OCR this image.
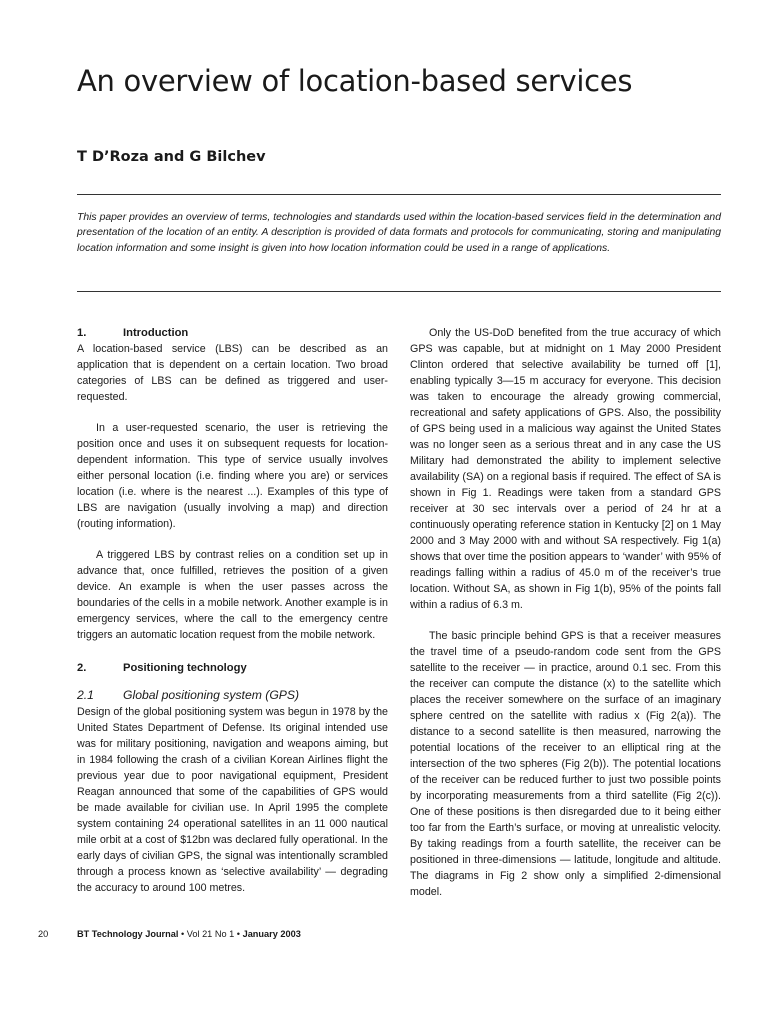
An overview of location-based services

T D’Roza and G Bilchev

This paper provides an overview of terms, technologies and standards used within the location-based services field in the determination and presentation of the location of an entity. A description is provided of data formats and protocols for communicating, storing and manipulating location information and some insight is given into how location information could be used in a range of applications.

1.	Introduction

A location-based service (LBS) can be described as an application that is dependent on a certain location. Two broad categories of LBS can be defined as triggered and user-requested.

In a user-requested scenario, the user is retrieving the position once and uses it on subsequent requests for location-dependent information. This type of service usually involves either personal location (i.e. finding where you are) or services location (i.e. where is the nearest ...). Examples of this type of LBS are navigation (usually involving a map) and direction (routing information).

A triggered LBS by contrast relies on a condition set up in advance that, once fulfilled, retrieves the position of a given device. An example is when the user passes across the boundaries of the cells in a mobile network. Another example is in emergency services, where the call to the emergency centre triggers an automatic location request from the mobile network.

2.	Positioning technology
2.1	Global positioning system (GPS)

Design of the global positioning system was begun in 1978 by the United States Department of Defense. Its original intended use was for military positioning, navigation and weapons aiming, but in 1984 following the crash of a civilian Korean Airlines flight the previous year due to poor navigational equipment, President Reagan announced that some of the capabilities of GPS would be made available for civilian use. In April 1995 the complete system containing 24 operational satellites in an 11 000 nautical mile orbit at a cost of $12bn was declared fully operational. In the early days of civilian GPS, the signal was intentionally scrambled through a process known as ‘selective availability’ — degrading the accuracy to around 100 metres.

Only the US-DoD benefited from the true accuracy of which GPS was capable, but at midnight on 1 May 2000 President Clinton ordered that selective availability be turned off [1], enabling typically 3—15 m accuracy for everyone. This decision was taken to encourage the already growing commercial, recreational and safety applications of GPS. Also, the possibility of GPS being used in a malicious way against the United States was no longer seen as a serious threat and in any case the US Military had demonstrated the ability to implement selective availability (SA) on a regional basis if required. The effect of SA is shown in Fig 1. Readings were taken from a standard GPS receiver at 30 sec intervals over a period of 24 hr at a continuously operating reference station in Kentucky [2] on 1 May 2000 and 3 May 2000 with and without SA respectively. Fig 1(a) shows that over time the position appears to ‘wander’ with 95% of readings falling within a radius of 45.0 m of the receiver’s true location. Without SA, as shown in Fig 1(b), 95% of the points fall within a radius of 6.3 m.

The basic principle behind GPS is that a receiver measures the travel time of a pseudo-random code sent from the GPS satellite to the receiver — in practice, around 0.1 sec. From this the receiver can compute the distance (x) to the satellite which places the receiver somewhere on the surface of an imaginary sphere centred on the satellite with radius x (Fig 2(a)). The distance to a second satellite is then measured, narrowing the potential locations of the receiver to an elliptical ring at the intersection of the two spheres (Fig 2(b)). The potential locations of the receiver can be reduced further to just two possible points by incorporating measurements from a third satellite (Fig 2(c)). One of these positions is then disregarded due to it being either too far from the Earth’s surface, or moving at unrealistic velocity. By taking readings from a fourth satellite, the receiver can be positioned in three-dimensions — latitude, longitude and altitude. The diagrams in Fig 2 show only a simplified 2-dimensional model.

20	BT Technology Journal • Vol 21 No 1 • January 2003
